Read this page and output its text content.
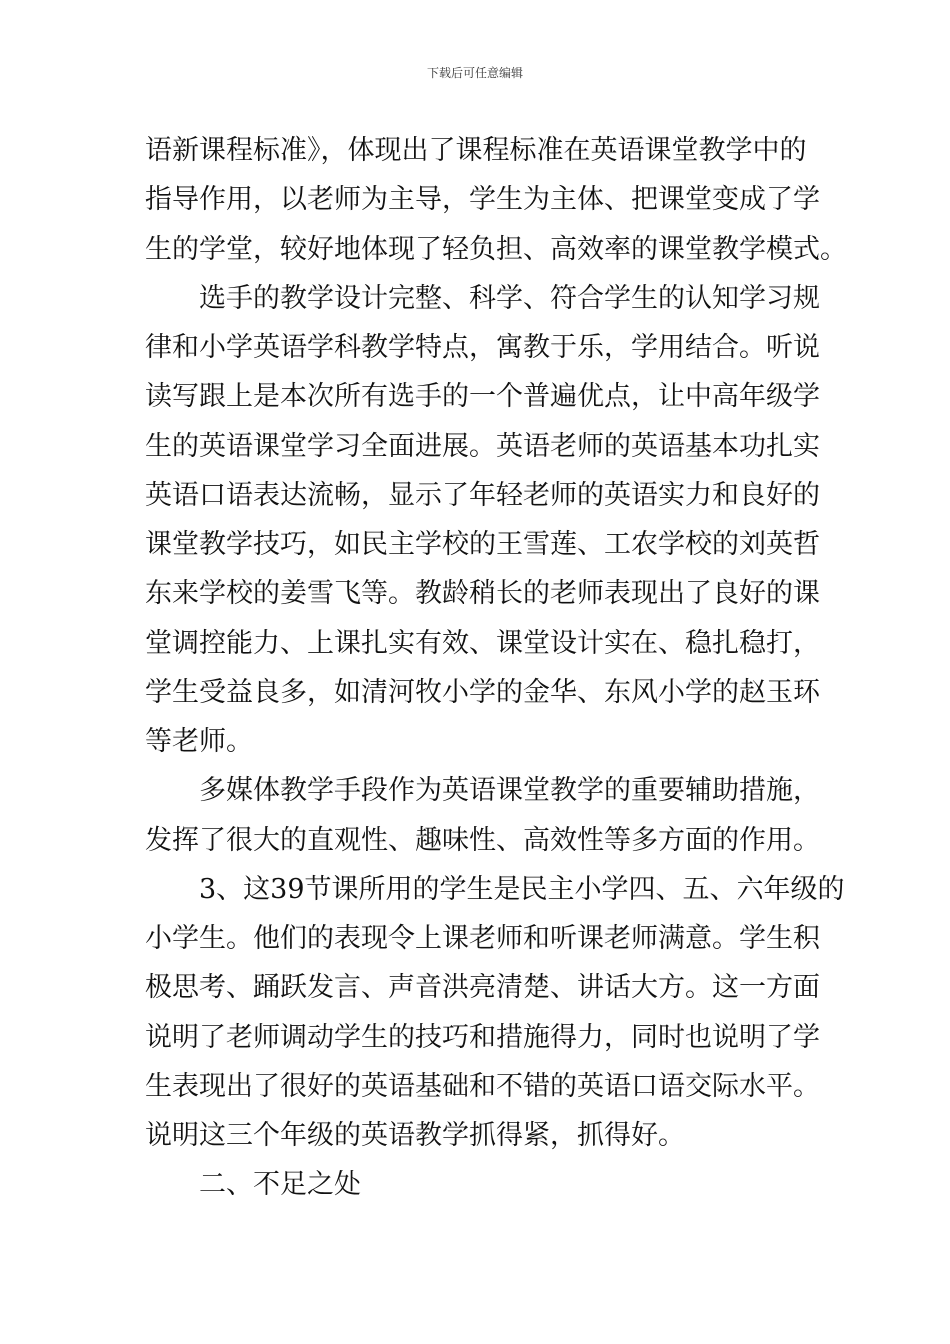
下载后可任意编辑
语新课程标准》，体现出了课程标准在英语课堂教学中的
指导作用，以老师为主导，学生为主体、把课堂变成了学
生的学堂，较好地体现了轻负担、高效率的课堂教学模式。
选手的教学设计完整、科学、符合学生的认知学习规
律和小学英语学科教学特点，寓教于乐，学用结合。听说
读写跟上是本次所有选手的一个普遍优点，让中高年级学
生的英语课堂学习全面进展。英语老师的英语基本功扎实
英语口语表达流畅，显示了年轻老师的英语实力和良好的
课堂教学技巧，如民主学校的王雪莲、工农学校的刘英哲
东来学校的姜雪飞等。教龄稍长的老师表现出了良好的课
堂调控能力、上课扎实有效、课堂设计实在、稳扎稳打，
学生受益良多，如清河牧小学的金华、东风小学的赵玉环
等老师。
多媒体教学手段作为英语课堂教学的重要辅助措施，
发挥了很大的直观性、趣味性、高效性等多方面的作用。
3、这39节课所用的学生是民主小学四、五、六年级的
小学生。他们的表现令上课老师和听课老师满意。学生积
极思考、踊跃发言、声音洪亮清楚、讲话大方。这一方面
说明了老师调动学生的技巧和措施得力，同时也说明了学
生表现出了很好的英语基础和不错的英语口语交际水平。
说明这三个年级的英语教学抓得紧，抓得好。
二、不足之处
